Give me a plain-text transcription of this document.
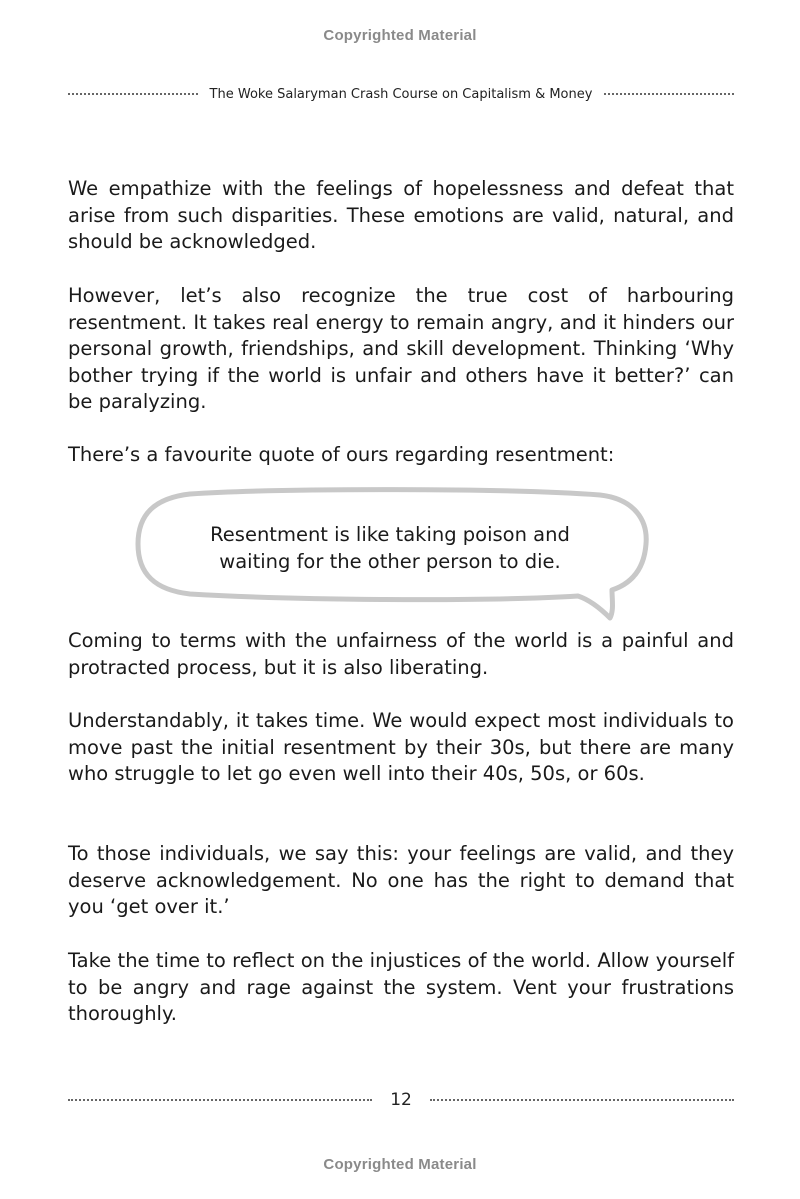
Copyrighted Material
The Woke Salaryman Crash Course on Capitalism & Money

We empathize with the feelings of hopelessness and defeat that arise from such disparities. These emotions are valid, natural, and should be acknowledged.

However, let’s also recognize the true cost of harbouring resentment. It takes real energy to remain angry, and it hinders our personal growth, friendships, and skill development. Thinking ‘Why bother trying if the world is unfair and others have it better?’ can be paralyzing.

There’s a favourite quote of ours regarding resentment:

Resentment is like taking poison and
waiting for the other person to die.

Coming to terms with the unfairness of the world is a painful and protracted process, but it is also liberating.

Understandably, it takes time. We would expect most individuals to move past the initial resentment by their 30s, but there are many who struggle to let go even well into their 40s, 50s, or 60s.

To those individuals, we say this: your feelings are valid, and they deserve acknowledgement. No one has the right to demand that you ‘get over it.’

Take the time to reflect on the injustices of the world. Allow yourself to be angry and rage against the system. Vent your frustrations thoroughly.

12
Copyrighted Material
